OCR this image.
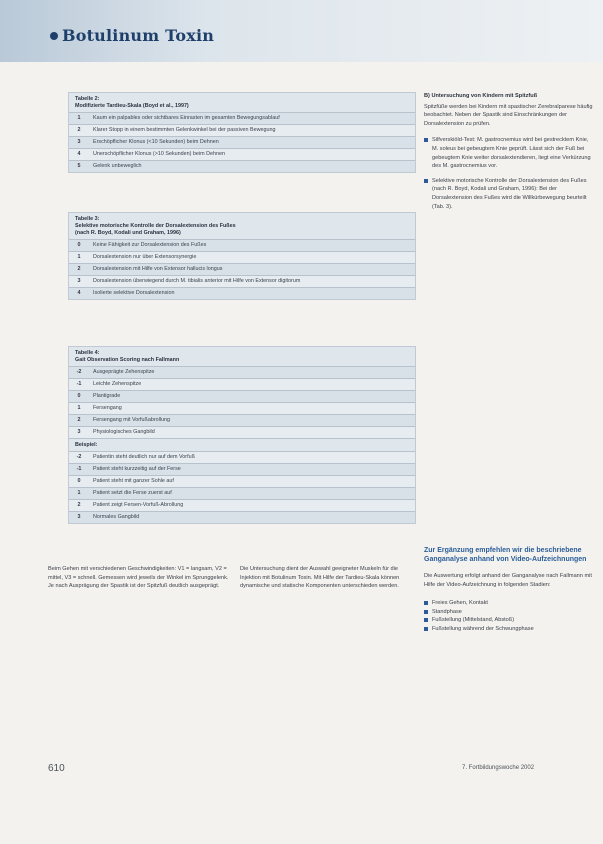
Botulinum Toxin
Tabelle 2:
Modifizierte Tardieu-Skala (Boyd et al., 1997)
1	Kaum ein palpables oder sichtbares Einrasten im gesamten Bewegungsablauf
2	Klarer Stopp in einem bestimmten Gelenkwinkel bei der passiven Bewegung
3	Erschöpflicher Klonus (<10 Sekunden) beim Dehnen
4	Unerschöpflicher Klonus (>10 Sekunden) beim Dehnen
5	Gelenk unbeweglich
Tabelle 3:
Selektive motorische Kontrolle der Dorsalextension des Fußes
(nach R. Boyd, Kodali und Graham, 1996)
0	Keine Fähigkeit zur Dorsalextension des Fußes
1	Dorsalextension nur über Extensorsynergie
2	Dorsalextension mit Hilfe von Extensor hallucis longus
3	Dorsalextension überwiegend durch M. tibialis anterior mit Hilfe von Extensor digitorum
4	Isolierte selektive Dorsalextension
Tabelle 4:
Gait Observation Scoring nach Fallmann
-2	Ausgeprägte Zehenspitze
-1	Leichte Zehenspitze
0	Plantigrade
1	Fersengang
2	Fersengang mit Vorfußabrollung
3	Physiologisches Gangbild
Beispiel:
-2	Patientin steht deutlich nur auf dem Vorfuß
-1	Patient steht kurzzeitig auf der Ferse
0	Patient steht mit ganzer Sohle auf
1	Patient setzt die Ferse zuerst auf
2	Patient zeigt Fersen-Vorfuß-Abrollung
3	Normales Gangbild
B) Untersuchung von Kindern mit Spitzfuß

Spitzfüße werden bei Kindern mit spastischer Zerebralparese häufig beobachtet. Neben der Spastik sind Einschränkungen der Dorsalextension zu prüfen.

Silfverskiöld-Test: M. gastrocnemius wird bei gestrecktem Knie, M. soleus bei gebeugtem Knie geprüft. Lässt sich der Fuß bei gebeugtem Knie weiter dorsalextendieren, liegt eine Verkürzung des M. gastrocnemius vor.
Selektive motorische Kontrolle der Dorsalextension des Fußes (nach R. Boyd, Kodali und Graham, 1996): Bei der Dorsalextension des Fußes wird die Willkürbewegung beurteilt (Tab. 3).
Zur Ergänzung empfehlen wir die beschriebene Ganganalyse anhand von Video-Aufzeichnungen

Die Auswertung erfolgt anhand der Ganganalyse nach Fallmann mit Hilfe der Video-Aufzeichnung in folgenden Stadien:

Freies Gehen, Kontakt
Standphase
Fußstellung (Mittelstand, Abstoß)
Fußstellung während der Schwungphase

Beim Gehen mit verschiedenen Geschwindigkeiten: V1 = langsam, V2 = mittel, V3 = schnell. Gemessen wird jeweils der Winkel im Sprunggelenk. Je nach Ausprägung der Spastik ist der Spitzfuß deutlich ausgeprägt.

Die Untersuchung dient der Auswahl geeigneter Muskeln für die Injektion mit Botulinum Toxin. Mit Hilfe der Tardieu-Skala können dynamische und statische Komponenten unterschieden werden.

610	7. Fortbildungswoche 2002
